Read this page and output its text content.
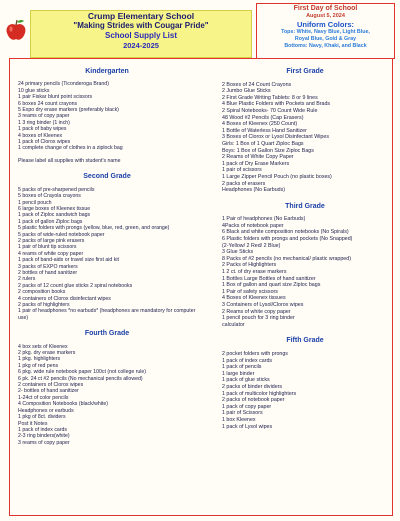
Crump Elementary School
"Making Strides with Cougar Pride"
School Supply List
2024-2025
First Day of School
August 5, 2024
Uniform Colors:
Tops: White, Navy Blue, Light Blue,
Royal Blue, Gold & Gray
Bottoms: Navy, Khaki, and Black
Kindergarten
24 primary pencils (Ticonderoga Brand)
10 glue sticks
1 pair Fiskar blunt point scissors
6 boxes 24 count crayons
5 Expo dry erase markers (preferably black)
3 reams of copy paper
1 3 ring binder (1 inch)
1 pack of baby wipes
4 boxes of Kleenex
1 pack of Clorox wipes
1 complete change of clothes in a ziplock bag
Please label all supplies with student's name
Second Grade
5 packs of pre-sharpened pencils
5 boxes of Crayola crayons
1 pencil pouch
6 large boxes of Kleenex tissue
1 pack of Ziploc sandwich bags
1 pack of gallon Ziploc bags
5 plastic folders with prongs (yellow, blue, red, green, and orange)
5 packs of wide-ruled notebook paper
2 packs of large pink erasers
1 pair of blunt tip scissors
4 reams of white copy paper
1 pack of band-aids or travel size first aid kit
3 packs of EXPO markers
2 bottles of hand sanitizer
2 rulers
2 packs of 12 count glue sticks 2 spiral notebooks
2 composition books
4 containers of Clorox disinfectant wipes
2 packs of highlighters
1 pair of headphones *no earbuds* (headphones are mandatory for computer use)
Fourth Grade
4 box sets of Kleenex
2 pkg. dry erase markers
1 pkg. highlighters
1 pkg of red pens
6 pkg. wide rule notebook paper 100ct (not college rule)
6 pk. 24 ct #2 pencils (No mechanical pencils allowed)
2 containers of Clorox wipes
2- bottles of hand sanitizer
1-24ct of color pencils
4 Composition Notebooks (black/white)
Headphones or earbuds
1 pkg of 8ct. dividers
Post it Notes
1 pack of index cards
2-3 ring binders(white)
3 reams of copy paper
First Grade
2 Boxes of 24 Count Crayons
2 Jumbo Glue Sticks
2 First Grade Writing Tablets: 8 or 9 lines
4 Blue Plastic Folders with Pockets and Brads
2 Spiral Notebooks- 70 Count Wide Rule
48 Wood #2 Pencils (Cap Erasers)
4 Boxes of Kleenex (250 Count)
1 Bottle of Waterless Hand Sanitizer
3 Boxes of Clorox or Lysol Disinfectant Wipes
Girls: 1 Box of 1 Quart Ziploc Bags
Boys: 1 Box of Gallon Size Ziploc Bags
2 Reams of White Copy Paper
1 pack of Dry Erase Markers
1 pair of scissors
1 Large Zipper Pencil Pouch (no plastic boxes)
2 packs of erasers
Headphones (No Earbuds)
Third Grade
1 Pair of headphones (No Earbuds)
4Packs of notebook paper
6 Black and white composition notebooks (No Spirals)
6 Plastic folders with prongs and pockets (No Snapped)
(2-Yellow/ 2 Red/ 2 Blue)
3 Glue Sticks
8 Packs of #2 pencils (no mechanical/ plastic wrapped)
2 Packs of Highlighters
1 2 ct. of dry erase markers
1 Bottles Large Bottles of hand sanitizer
1 Box of gallon and quart size Ziploc bags
1 Pair of safety scissors
4 Boxes of Kleenex tissues
3 Containers of Lysol/Clorox wipes
2 Reams of white copy paper
1 pencil pouch for 3 ring binder
calculator
Fifth Grade
2 pocket folders with prongs
1 pack of index cards
1 pack of pencils
1 large binder
1 pack of glue sticks
2 packs of binder dividers
1 pack of multicolor highlighters
2 packs of notebook paper
1 pack of copy paper
1 pair of Scissors
1 box Kleenex
1 pack of Lysol wipes
